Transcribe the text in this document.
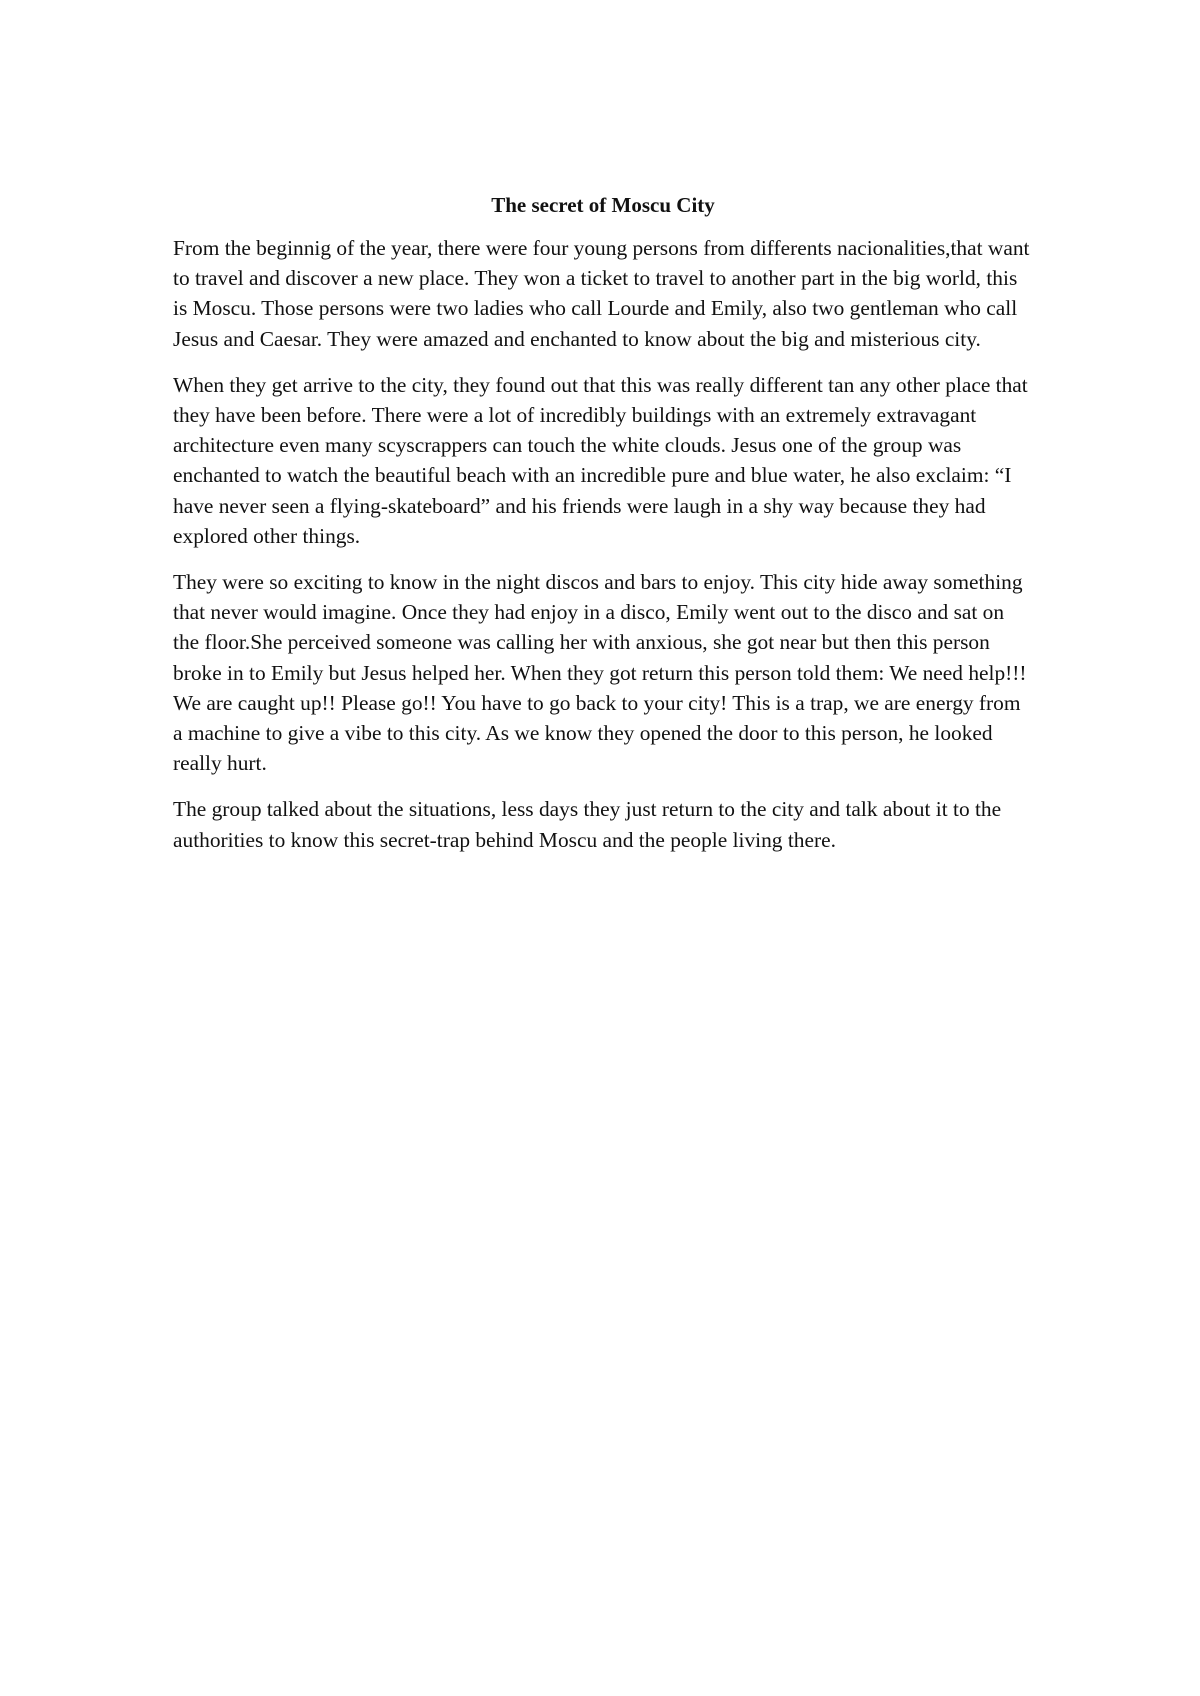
The secret of Moscu City

From the beginnig of the year, there were four young persons from differents nacionalities,that want to travel and discover a new place. They won a ticket to travel to another part in the big world, this is Moscu. Those persons were two ladies who call Lourde and Emily, also two gentleman who call Jesus and Caesar. They were amazed and enchanted to know about the big and misterious city.

When they get arrive to the city, they found out that this was really different tan any other place that they have been before. There were a lot of incredibly buildings with an extremely extravagant architecture even many scyscrappers can touch the white clouds. Jesus one of the group was enchanted to watch the beautiful beach with an incredible pure and blue water, he also exclaim: “I have never seen a flying-skateboard” and his friends were laugh in a shy way because they had explored other things.

They were so exciting to know in the night discos and bars to enjoy. This city hide away something that never would imagine. Once they had enjoy in a disco, Emily went out to the disco and sat on the floor.She perceived someone was calling her with anxious, she got near but then this person broke in to Emily but Jesus helped her. When they got return this person told them: We need help!!! We are caught up!! Please go!! You have to go back to your city! This is a trap, we are energy from a machine to give a vibe to this city. As we know they opened the door to this person, he looked really hurt.

The group talked about the situations, less days they just return to the city and talk about it to the authorities to know this secret-trap behind Moscu and the people living there.
